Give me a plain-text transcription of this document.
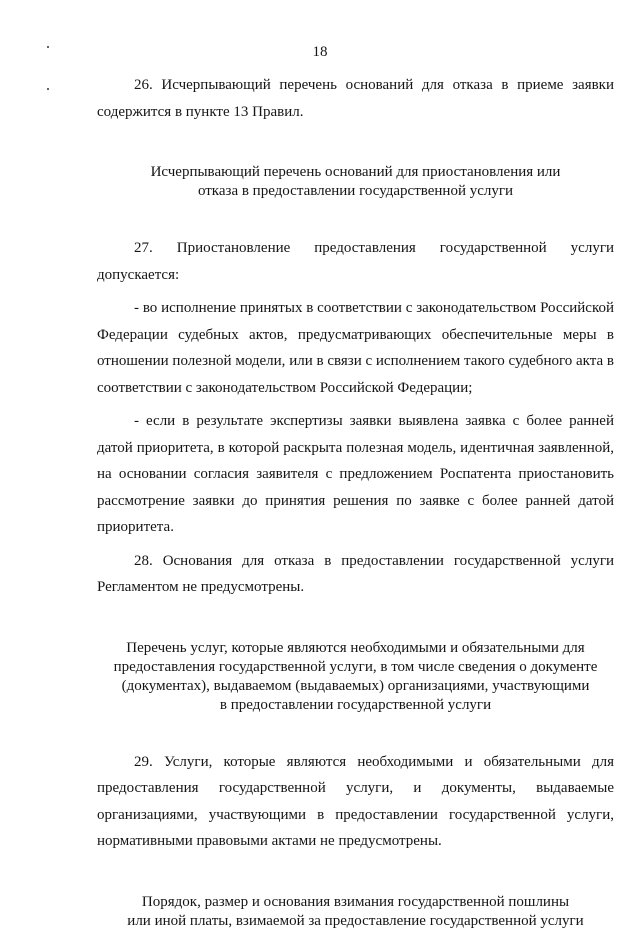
18

26. Исчерпывающий перечень оснований для отказа в приеме заявки содержится в пункте 13 Правил.

Исчерпывающий перечень оснований для приостановления или

отказа в предоставлении государственной услуги

27. Приостановление предоставления государственной услуги допускается:

- во исполнение принятых в соответствии с законодательством Российской Федерации судебных актов, предусматривающих обеспечительные меры в отношении полезной модели, или в связи с исполнением такого судебного акта в соответствии с законодательством Российской Федерации;

- если в результате экспертизы заявки выявлена заявка с более ранней датой приоритета, в которой раскрыта полезная модель, идентичная заявленной, на основании согласия заявителя с предложением Роспатента приостановить рассмотрение заявки до принятия решения по заявке с более ранней датой приоритета.

28. Основания для отказа в предоставлении государственной услуги Регламентом не предусмотрены.

Перечень услуг, которые являются необходимыми и обязательными для

предоставления государственной услуги, в том числе сведения о документе

(документах), выдаваемом (выдаваемых) организациями, участвующими

в предоставлении государственной услуги

29. Услуги, которые являются необходимыми и обязательными для предоставления государственной услуги, и документы, выдаваемые организациями, участвующими в предоставлении государственной услуги, нормативными правовыми актами не предусмотрены.

Порядок, размер и основания взимания государственной пошлины

или иной платы, взимаемой за предоставление государственной услуги
